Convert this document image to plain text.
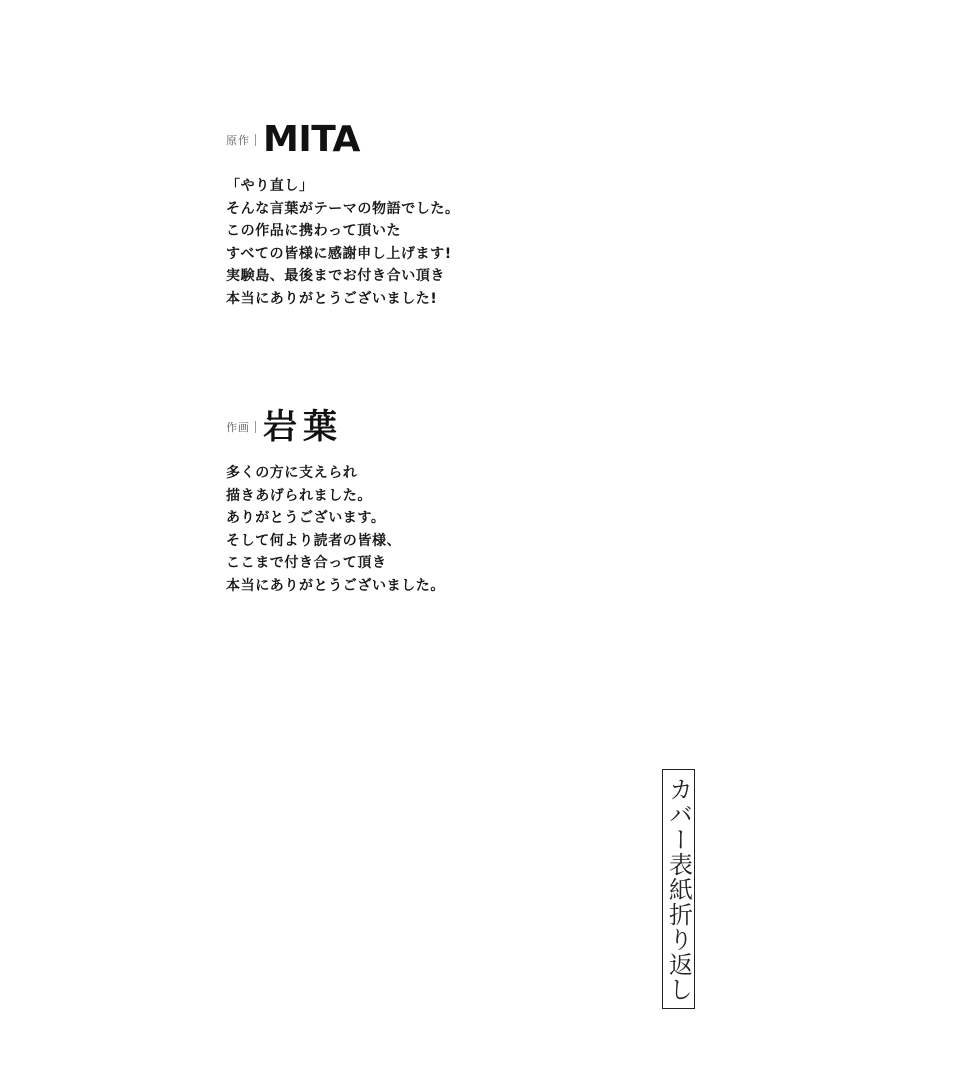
原作 MITA
「やり直し」
そんな言葉がテーマの物語でした。
この作品に携わって頂いた
すべての皆様に感謝申し上げます!
実験島、最後までお付き合い頂き
本当にありがとうございました!
作画 岩葉
多くの方に支えられ
描きあげられました。
ありがとうございます。
そして何より読者の皆様、
ここまで付き合って頂き
本当にありがとうございました。
カバー表紙折り返し
